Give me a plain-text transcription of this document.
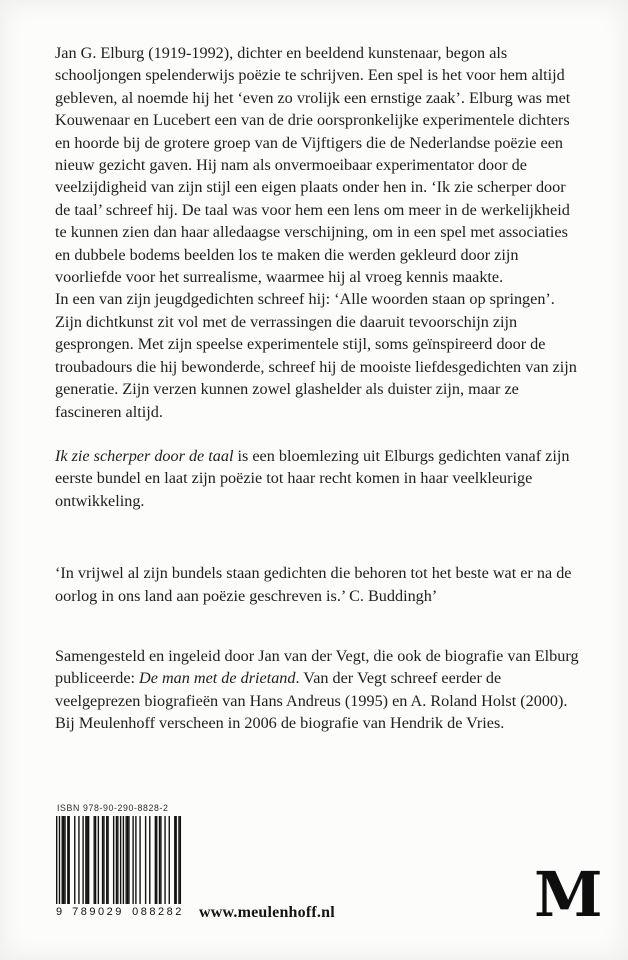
Jan G. Elburg (1919-1992), dichter en beeldend kunstenaar, begon als schooljongen spelenderwijs poëzie te schrijven. Een spel is het voor hem altijd gebleven, al noemde hij het ‘even zo vrolijk een ernstige zaak’. Elburg was met Kouwenaar en Lucebert een van de drie oorspronkelijke experimentele dichters en hoorde bij de grotere groep van de Vijftigers die de Nederlandse poëzie een nieuw gezicht gaven. Hij nam als onvermoeibaar experimentator door de veelzijdigheid van zijn stijl een eigen plaats onder hen in. ‘Ik zie scherper door de taal’ schreef hij. De taal was voor hem een lens om meer in de werkelijkheid te kunnen zien dan haar alledaagse verschijning, om in een spel met associaties en dubbele bodems beelden los te maken die werden gekleurd door zijn voorliefde voor het surrealisme, waarmee hij al vroeg kennis maakte.

In een van zijn jeugdgedichten schreef hij: ‘Alle woorden staan op springen’. Zijn dichtkunst zit vol met de verrassingen die daaruit tevoorschijn zijn gesprongen. Met zijn speelse experimentele stijl, soms geïnspireerd door de troubadours die hij bewonderde, schreef hij de mooiste liefdesgedichten van zijn generatie. Zijn verzen kunnen zowel glashelder als duister zijn, maar ze fascineren altijd.

Ik zie scherper door de taal is een bloemlezing uit Elburgs gedichten vanaf zijn eerste bundel en laat zijn poëzie tot haar recht komen in haar veelkleurige ontwikkeling.

‘In vrijwel al zijn bundels staan gedichten die behoren tot het beste wat er na de oorlog in ons land aan poëzie geschreven is.’ C. Buddingh’

Samengesteld en ingeleid door Jan van der Vegt, die ook de biografie van Elburg publiceerde: De man met de drietand. Van der Vegt schreef eerder de veelgeprezen biografieën van Hans Andreus (1995) en A. Roland Holst (2000). Bij Meulenhoff verscheen in 2006 de biografie van Hendrik de Vries.

ISBN 978-90-290-8828-2
9 789029 088282 www.meulenhoff.nl	M
